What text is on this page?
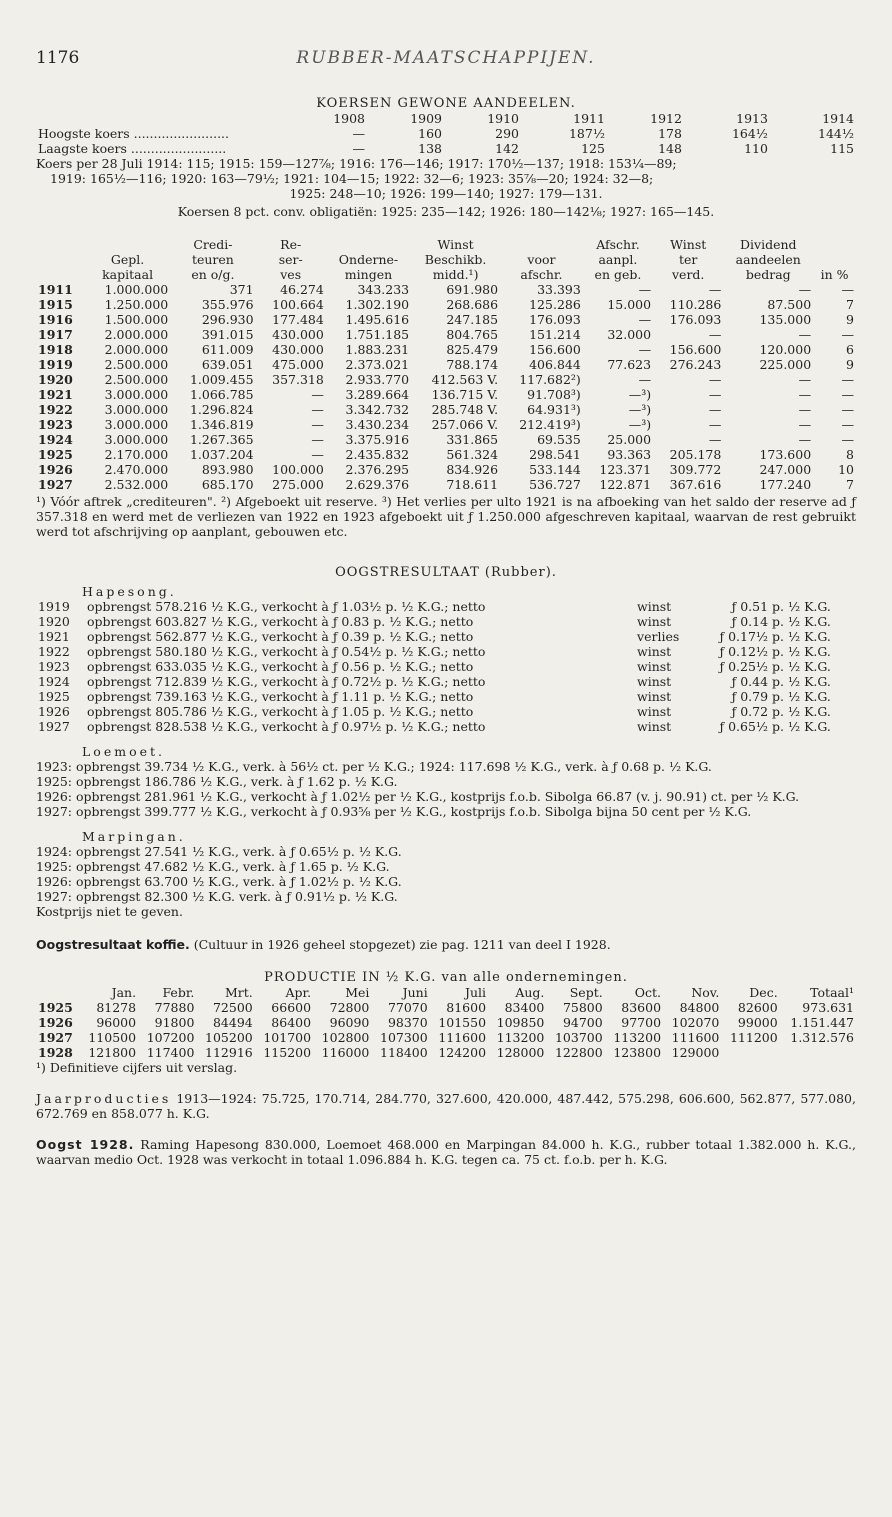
1176	RUBBER-MAATSCHAPPIJEN.
KOERSEN GEWONE AANDEELEN.
	1908	1909	1910	1911	1912	1913	1914
Hoogste koers ........................	—	160	290	187½	178	164½	144½
Laagste koers ........................	—	138	142	125	148	110	115
Koers per 28 Juli 1914: 115; 1915: 159—127⅞; 1916: 176—146; 1917: 170½—137; 1918: 153¼—89;
1919: 165½—116; 1920: 163—79½; 1921: 104—15; 1922: 32—6; 1923: 35⅞—20; 1924: 32—8;
1925: 248—10; 1926: 199—140; 1927: 179—131.
Koersen 8 pct. conv. obligatiën: 1925: 235—142; 1926: 180—142⅛; 1927: 165—145.
		Credi-	Re-		Winst		Afschr.	Winst	Dividend	
	Gepl.	teuren	ser-	Onderne-	Beschikb.	voor	aanpl.	ter	aandeelen	
	kapitaal	en o/g.	ves	mingen	midd.¹)	afschr.	en geb.	verd.	bedrag	in %
1911	1.000.000	371	46.274	343.233	691.980	33.393	—	—	—	—
1915	1.250.000	355.976	100.664	1.302.190	268.686	125.286	15.000	110.286	87.500	7
1916	1.500.000	296.930	177.484	1.495.616	247.185	176.093	—	176.093	135.000	9
1917	2.000.000	391.015	430.000	1.751.185	804.765	151.214	32.000	—	—	—
1918	2.000.000	611.009	430.000	1.883.231	825.479	156.600	—	156.600	120.000	6
1919	2.500.000	639.051	475.000	2.373.021	788.174	406.844	77.623	276.243	225.000	9
1920	2.500.000	1.009.455	357.318	2.933.770	412.563 V.	117.682²)	—	—	—	—
1921	3.000.000	1.066.785	—	3.289.664	136.715 V.	91.708³)	—³)	—	—	—
1922	3.000.000	1.296.824	—	3.342.732	285.748 V.	64.931³)	—³)	—	—	—
1923	3.000.000	1.346.819	—	3.430.234	257.066 V.	212.419³)	—³)	—	—	—
1924	3.000.000	1.267.365	—	3.375.916	331.865	69.535	25.000	—	—	—
1925	2.170.000	1.037.204	—	2.435.832	561.324	298.541	93.363	205.178	173.600	8
1926	2.470.000	893.980	100.000	2.376.295	834.926	533.144	123.371	309.772	247.000	10
1927	2.532.000	685.170	275.000	2.629.376	718.611	536.727	122.871	367.616	177.240	7

¹) Vóór aftrek „crediteuren". ²) Afgeboekt uit reserve. ³) Het verlies per ulto 1921 is na afboeking van het saldo der reserve ad ƒ 357.318 en werd met de verliezen van 1922 en 1923 afgeboekt uit ƒ 1.250.000 afgeschreven kapitaal, waarvan de rest gebruikt werd tot afschrijving op aanplant, gebouwen etc.

OOGSTRESULTAAT (Rubber).
Hapesong.
1919	opbrengst 578.216 ½ K.G., verkocht à ƒ 1.03½ p. ½ K.G.; netto	winst	ƒ 0.51	p. ½ K.G.
1920	opbrengst 603.827 ½ K.G., verkocht à ƒ 0.83 p. ½ K.G.; netto	winst	ƒ 0.14	p. ½ K.G.
1921	opbrengst 562.877 ½ K.G., verkocht à ƒ 0.39 p. ½ K.G.; netto	verlies	ƒ 0.17½	p. ½ K.G.
1922	opbrengst 580.180 ½ K.G., verkocht à ƒ 0.54½ p. ½ K.G.; netto	winst	ƒ 0.12½	p. ½ K.G.
1923	opbrengst 633.035 ½ K.G., verkocht à ƒ 0.56 p. ½ K.G.; netto	winst	ƒ 0.25½	p. ½ K.G.
1924	opbrengst 712.839 ½ K.G., verkocht à ƒ 0.72½ p. ½ K.G.; netto	winst	ƒ 0.44	p. ½ K.G.
1925	opbrengst 739.163 ½ K.G., verkocht à ƒ 1.11 p. ½ K.G.; netto	winst	ƒ 0.79	p. ½ K.G.
1926	opbrengst 805.786 ½ K.G., verkocht à ƒ 1.05 p. ½ K.G.; netto	winst	ƒ 0.72	p. ½ K.G.
1927	opbrengst 828.538 ½ K.G., verkocht à ƒ 0.97½ p. ½ K.G.; netto	winst	ƒ 0.65½	p. ½ K.G.
Loemoet.

1923: opbrengst 39.734 ½ K.G., verk. à 56½ ct. per ½ K.G.; 1924: 117.698 ½ K.G., verk. à ƒ 0.68 p. ½ K.G.

1925: opbrengst 186.786 ½ K.G., verk. à ƒ 1.62 p. ½ K.G.

1926: opbrengst 281.961 ½ K.G., verkocht à ƒ 1.02½ per ½ K.G., kostprijs f.o.b. Sibolga 66.87 (v. j. 90.91) ct. per ½ K.G.

1927: opbrengst 399.777 ½ K.G., verkocht à ƒ 0.93⅝ per ½ K.G., kostprijs f.o.b. Sibolga bijna 50 cent per ½ K.G.

Marpingan.

1924: opbrengst 27.541 ½ K.G., verk. à ƒ 0.65½ p. ½ K.G.

1925: opbrengst 47.682 ½ K.G., verk. à ƒ 1.65 p. ½ K.G.

1926: opbrengst 63.700 ½ K.G., verk. à ƒ 1.02½ p. ½ K.G.

1927: opbrengst 82.300 ½ K.G. verk. à ƒ 0.91½ p. ½ K.G.

Kostprijs niet te geven.

Oogstresultaat koffie. (Cultuur in 1926 geheel stopgezet) zie pag. 1211 van deel I 1928.

PRODUCTIE IN ½ K.G. van alle ondernemingen.
	Jan.	Febr.	Mrt.	Apr.	Mei	Juni	Juli	Aug.	Sept.	Oct.	Nov.	Dec.	Totaal¹
1925	81278	77880	72500	66600	72800	77070	81600	83400	75800	83600	84800	82600	973.631
1926	96000	91800	84494	86400	96090	98370	101550	109850	94700	97700	102070	99000	1.151.447
1927	110500	107200	105200	101700	102800	107300	111600	113200	103700	113200	111600	111200	1.312.576
1928	121800	117400	112916	115200	116000	118400	124200	128000	122800	123800	129000		

¹) Definitieve cijfers uit verslag.

Jaarproducties 1913—1924: 75.725, 170.714, 284.770, 327.600, 420.000, 487.442, 575.298, 606.600, 562.877, 577.080, 672.769 en 858.077 h. K.G.

Oogst 1928. Raming Hapesong 830.000, Loemoet 468.000 en Marpingan 84.000 h. K.G., rubber totaal 1.382.000 h. K.G., waarvan medio Oct. 1928 was verkocht in totaal 1.096.884 h. K.G. tegen ca. 75 ct. f.o.b. per h. K.G.
